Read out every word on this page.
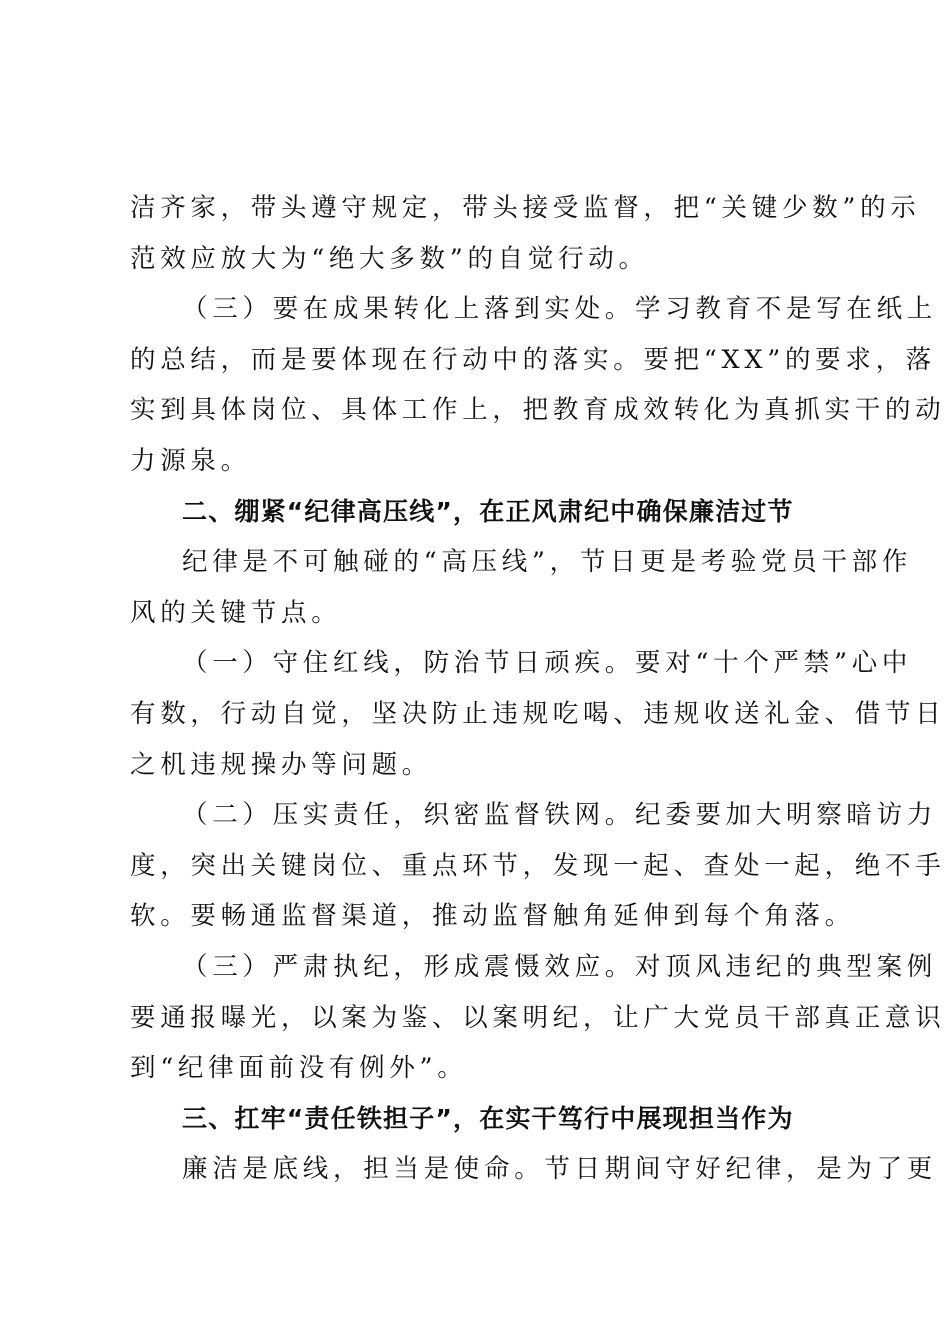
洁齐家，带头遵守规定，带头接受监督，把“关键少数”的示
范效应放大为“绝大多数”的自觉行动。
（三）要在成果转化上落到实处。学习教育不是写在纸上
的总结，而是要体现在行动中的落实。要把“XX”的要求，落
实到具体岗位、具体工作上，把教育成效转化为真抓实干的动
力源泉。
二、绷紧“纪律高压线”，在正风肃纪中确保廉洁过节
纪律是不可触碰的“高压线”，节日更是考验党员干部作
风的关键节点。
（一）守住红线，防治节日顽疾。要对“十个严禁”心中
有数，行动自觉，坚决防止违规吃喝、违规收送礼金、借节日
之机违规操办等问题。
（二）压实责任，织密监督铁网。纪委要加大明察暗访力
度，突出关键岗位、重点环节，发现一起、查处一起，绝不手
软。要畅通监督渠道，推动监督触角延伸到每个角落。
（三）严肃执纪，形成震慑效应。对顶风违纪的典型案例
要通报曝光，以案为鉴、以案明纪，让广大党员干部真正意识
到“纪律面前没有例外”。
三、扛牢“责任铁担子”，在实干笃行中展现担当作为
廉洁是底线，担当是使命。节日期间守好纪律，是为了更
